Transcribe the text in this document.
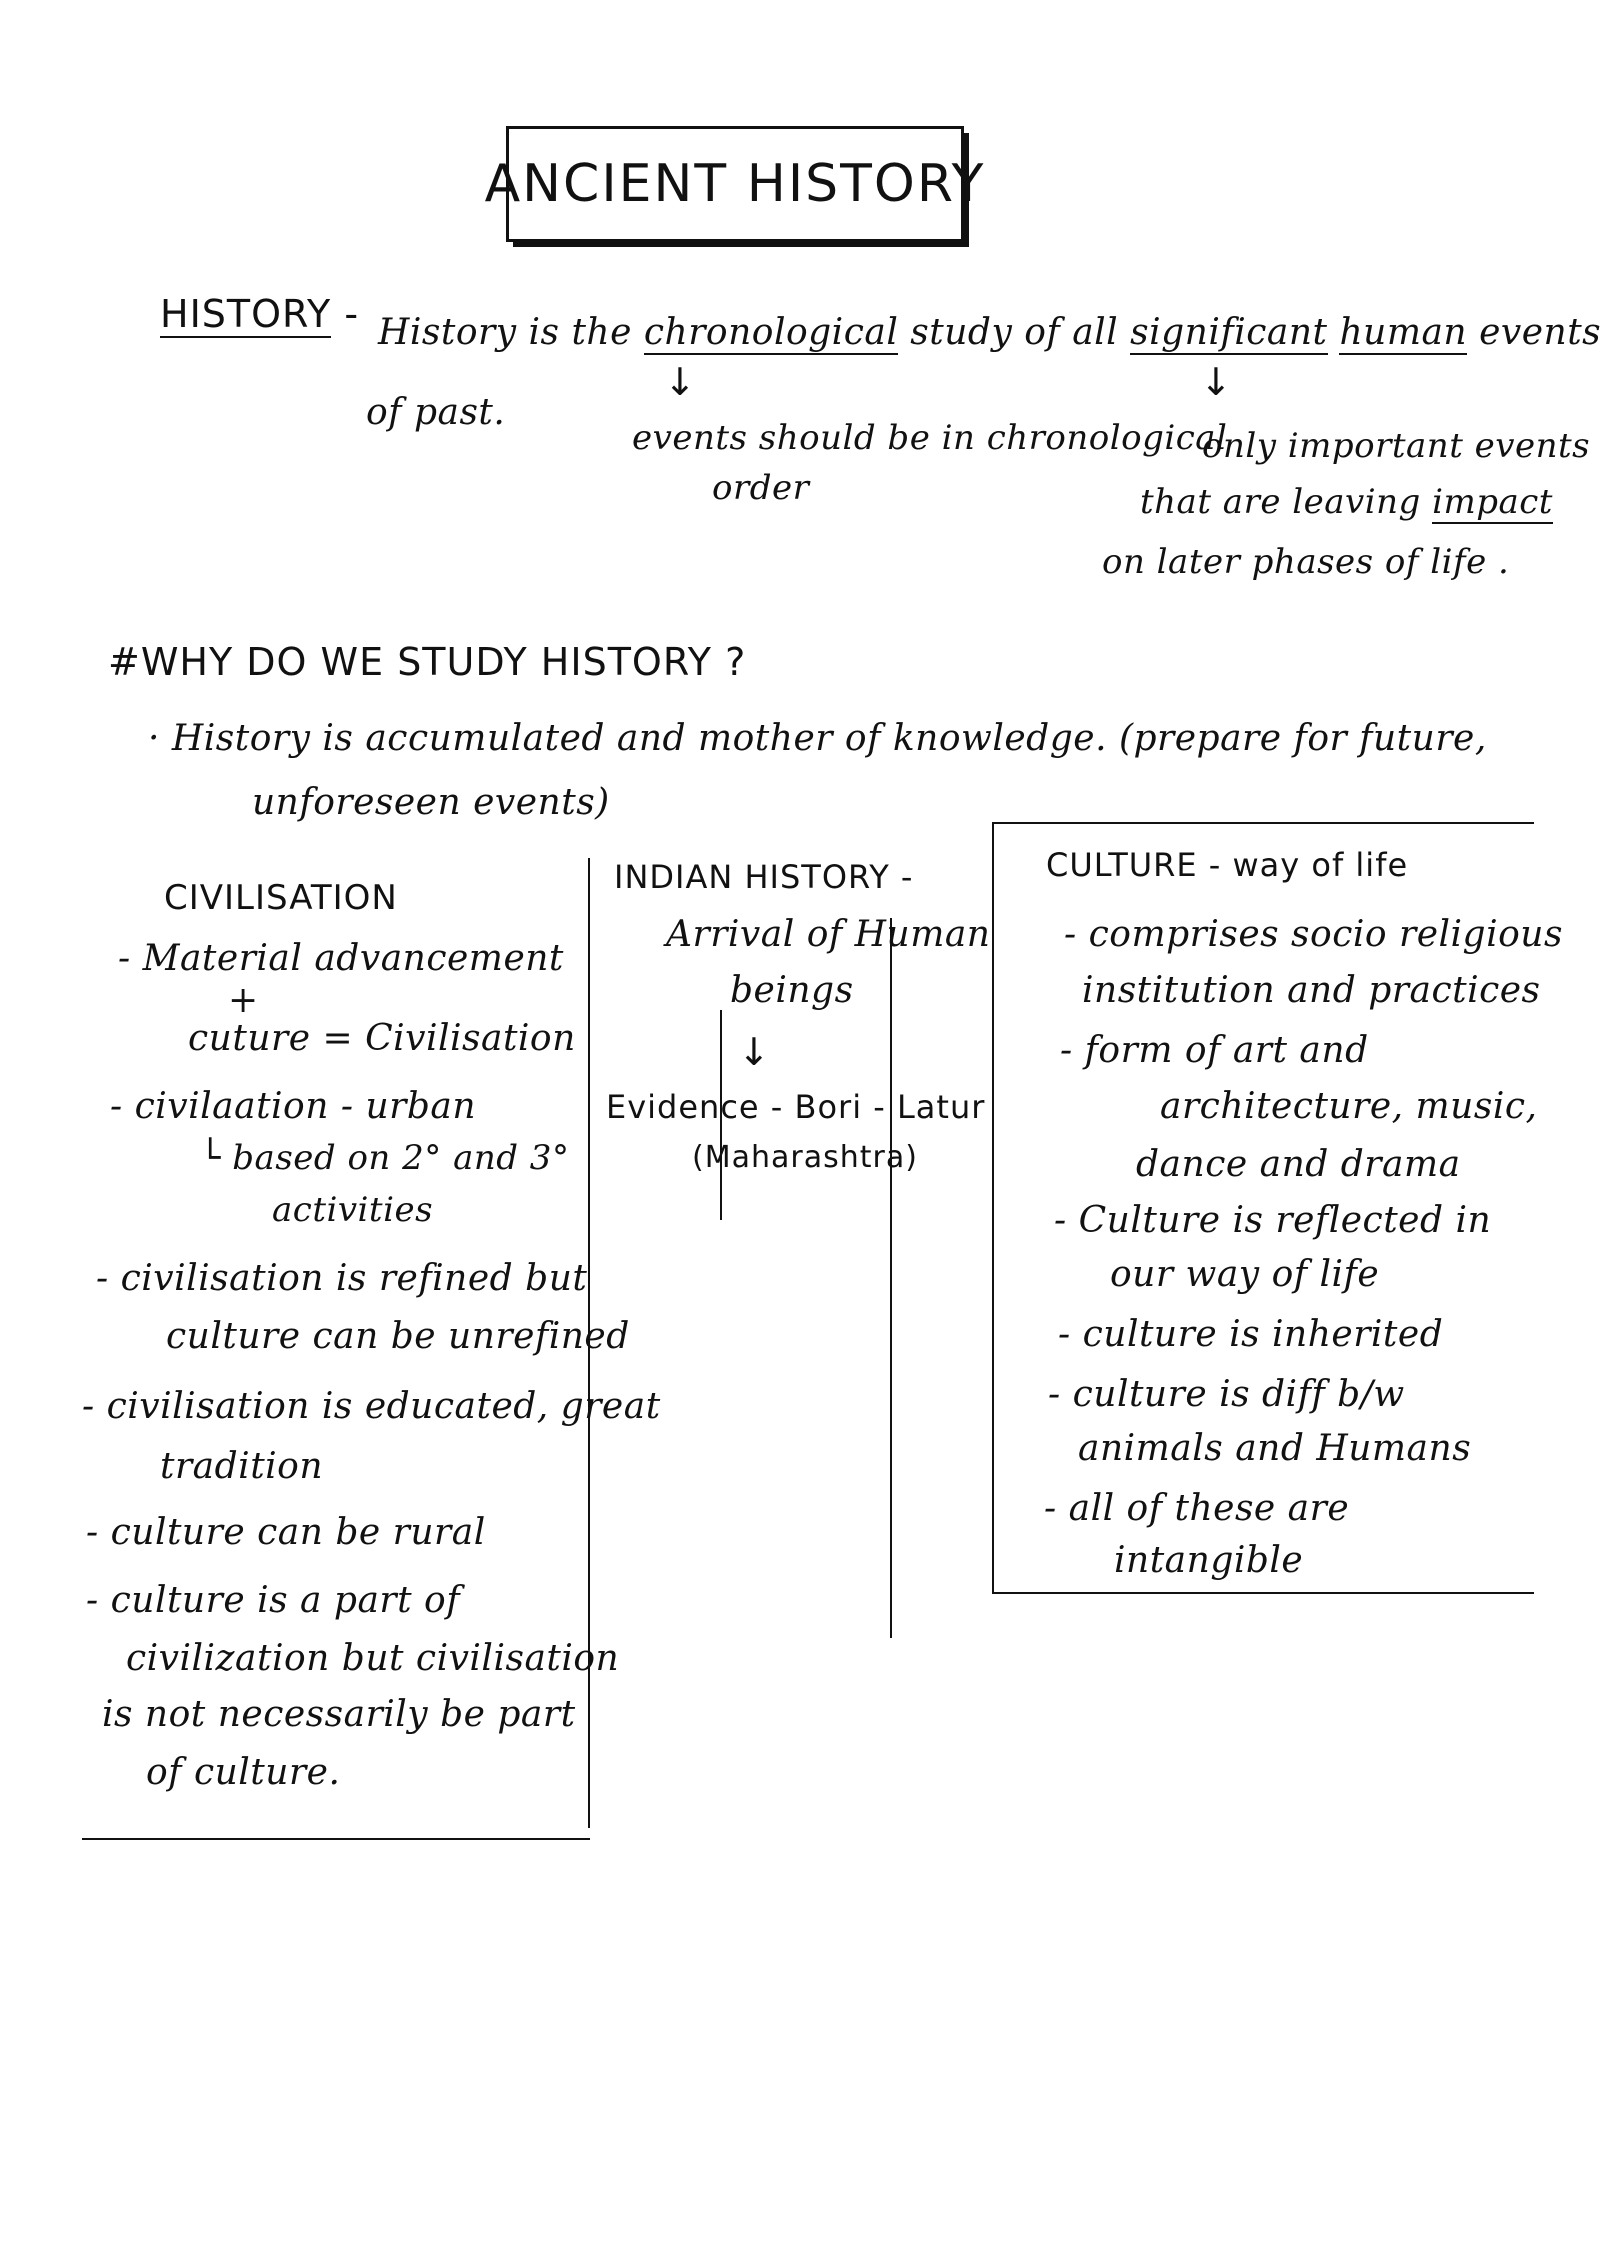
ANCIENT HISTORY
HISTORY - History is the chronological study of all significant human events
of past.
↓	↓
events should be in chronological
order
only important events
that are leaving impact
on later phases of life .
#WHY DO WE STUDY HISTORY ?
· History is accumulated and mother of knowledge. (prepare for future,
unforeseen events)
CIVILISATION
- Material advancement
+
cuture = Civilisation
- civilaation - urban
└ based on 2° and 3°
activities
- civilisation is refined but
culture can be unrefined
- civilisation is educated, great
tradition
- culture can be rural
- culture is a part of
civilization but civilisation
is not necessarily be part
of culture.
INDIAN HISTORY -
Arrival of Human
beings
↓
Evidence - Bori - Latur
(Maharashtra)
CULTURE - way of life
- comprises socio religious
institution and practices
- form of art and
architecture, music,
dance and drama
- Culture is reflected in
our way of life
- culture is inherited
- culture is diff b/w
animals and Humans
- all of these are
intangible
